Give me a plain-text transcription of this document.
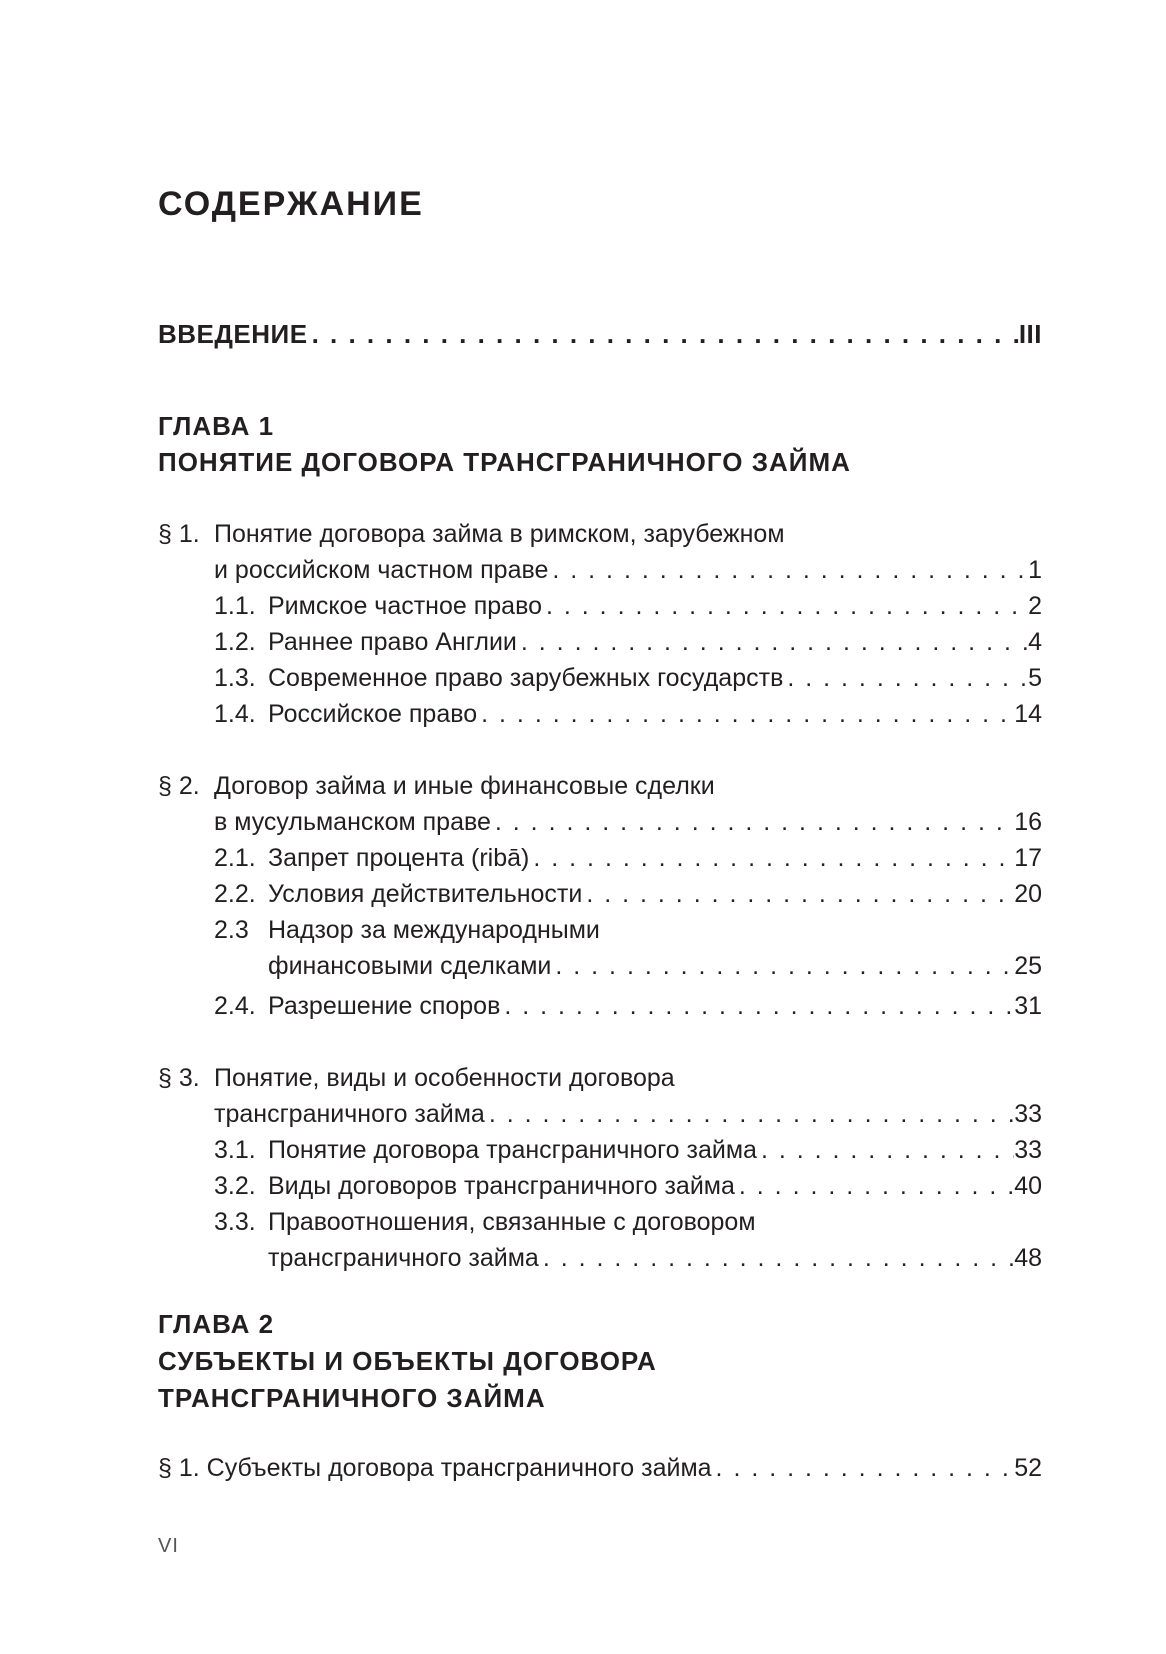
СОДЕРЖАНИЕ
ВВЕДЕНИЕ . . .	III
ГЛАВА 1
ПОНЯТИЕ ДОГОВОРА ТРАНСГРАНИЧНОГО ЗАЙМА
§ 1. Понятие договора займа в римском, зарубежном
и российском частном праве . . .	1
1.1. Римское частное право . . .	2
1.2. Раннее право Англии . . .	4
1.3. Современное право зарубежных государств . . .	5
1.4. Российское право . . .	14
§ 2. Договор займа и иные финансовые сделки
в мусульманском праве . . .	16
2.1. Запрет процента (ribā) . . .	17
2.2. Условия действительности . . .	20
2.3 Надзор за международными
финансовыми сделками . . .	25
2.4. Разрешение споров . . .	31
§ 3. Понятие, виды и особенности договора
трансграничного займа . . .	33
3.1. Понятие договора трансграничного займа . . .	33
3.2. Виды договоров трансграничного займа . . .	40
3.3. Правоотношения, связанные с договором
трансграничного займа . . .	48
ГЛАВА 2
СУБЪЕКТЫ И ОБЪЕКТЫ ДОГОВОРА
ТРАНСГРАНИЧНОГО ЗАЙМА
§ 1. Субъекты договора трансграничного займа . . .	52
VI
